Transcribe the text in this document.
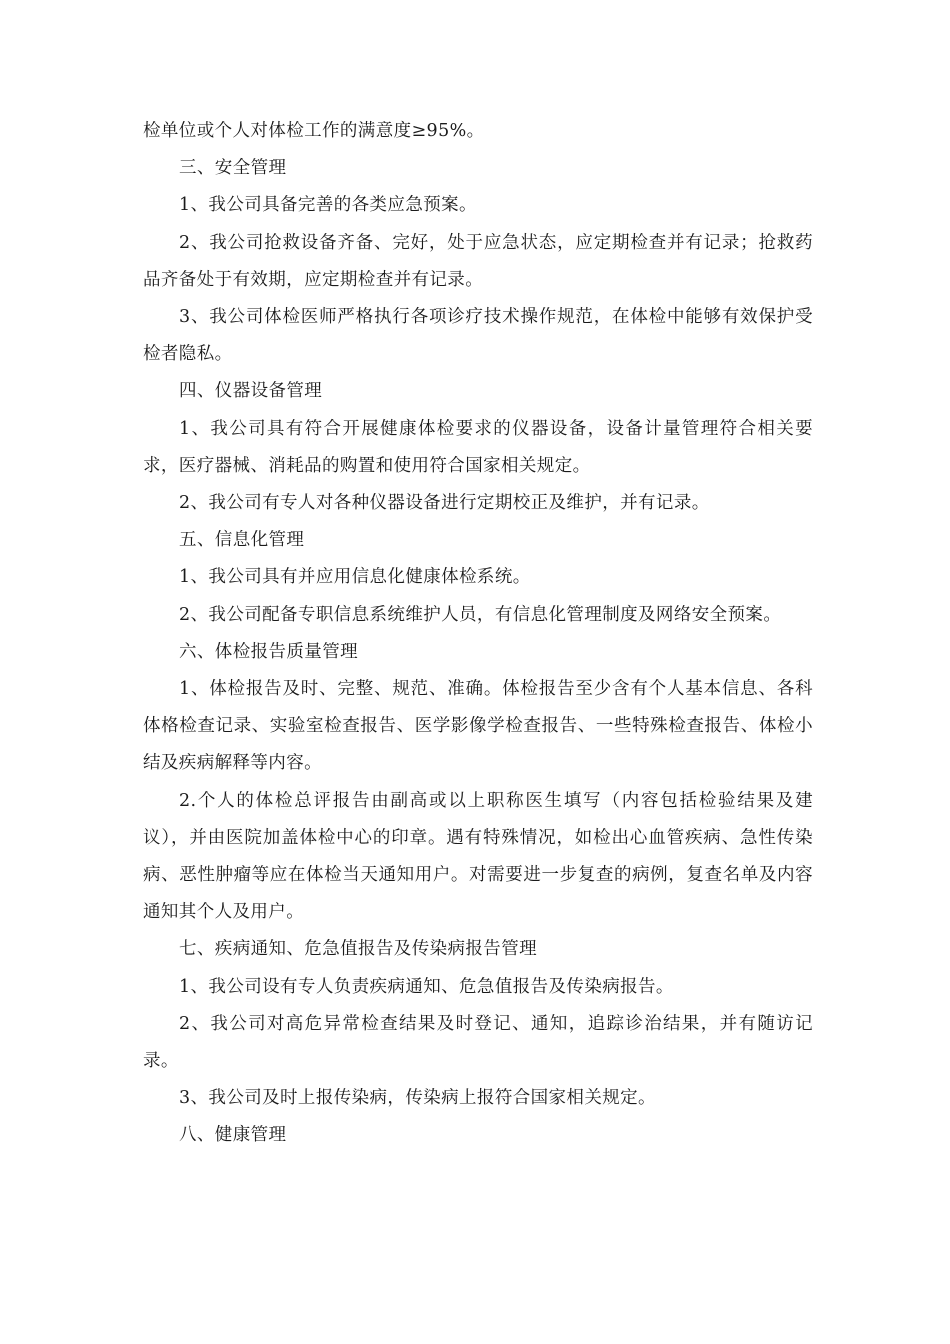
检单位或个人对体检工作的满意度≥95%。

三、安全管理

1、我公司具备完善的各类应急预案。

2、我公司抢救设备齐备、完好，处于应急状态，应定期检查并有记录；抢救药品齐备处于有效期，应定期检查并有记录。

3、我公司体检医师严格执行各项诊疗技术操作规范，在体检中能够有效保护受检者隐私。

四、仪器设备管理

1、我公司具有符合开展健康体检要求的仪器设备，设备计量管理符合相关要求，医疗器械、消耗品的购置和使用符合国家相关规定。

2、我公司有专人对各种仪器设备进行定期校正及维护，并有记录。

五、信息化管理

1、我公司具有并应用信息化健康体检系统。

2、我公司配备专职信息系统维护人员，有信息化管理制度及网络安全预案。

六、体检报告质量管理

1、体检报告及时、完整、规范、准确。体检报告至少含有个人基本信息、各科体格检查记录、实验室检查报告、医学影像学检查报告、一些特殊检查报告、体检小结及疾病解释等内容。

2.个人的体检总评报告由副高或以上职称医生填写（内容包括检验结果及建议），并由医院加盖体检中心的印章。遇有特殊情况，如检出心血管疾病、急性传染病、恶性肿瘤等应在体检当天通知用户。对需要进一步复查的病例，复查名单及内容通知其个人及用户。

七、疾病通知、危急值报告及传染病报告管理

1、我公司设有专人负责疾病通知、危急值报告及传染病报告。

2、我公司对高危异常检查结果及时登记、通知，追踪诊治结果，并有随访记录。

3、我公司及时上报传染病，传染病上报符合国家相关规定。

八、健康管理
